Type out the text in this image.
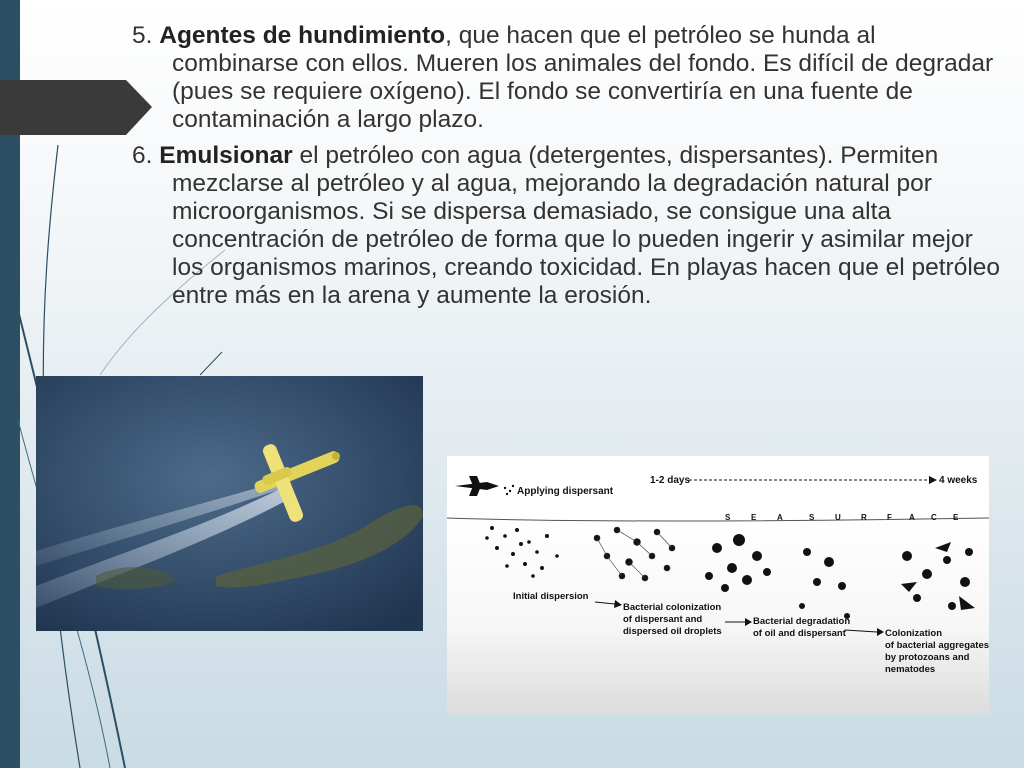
5. Agentes de hundimiento, que hacen que el petróleo se hunda al combinarse con ellos. Mueren los animales del fondo. Es difícil de degradar (pues se requiere oxígeno). El fondo se convertiría en una fuente de contaminación a largo plazo.

6. Emulsionar el petróleo con agua (detergentes, dispersantes). Permiten mezclarse al petróleo y al agua, mejorando la degradación natural por microorganismos. Si se dispersa demasiado, se consigue una alta concentración de petróleo de forma que lo pueden ingerir y asimilar mejor los organismos marinos, creando toxicidad. En playas hacen que el petróleo entre más en la arena y aumente la erosión.

Applying dispersant
1-2 days	4 weeks
S	E	A	S	U	R	F A C E
Initial dispersion
Bacterial colonization of dispersant and dispersed oil droplets
Bacterial degradation of oil and dispersant	Colonization of bacterial aggregates by protozoans and nematodes
